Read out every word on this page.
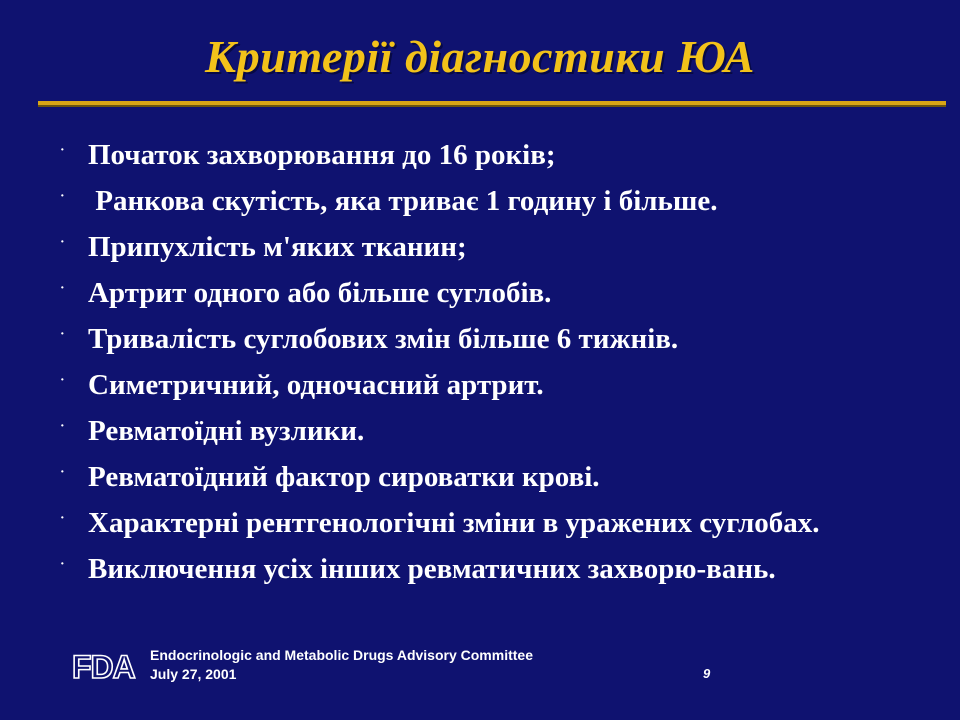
Критерії діагностики ЮА
· Початок захворювання до 16 років;
· Ранкова скутість, яка триває 1 годину і більше.
· Припухлість м'яких тканин;
· Артрит одного або більше суглобів.
· Тривалість суглобових змін більше 6 тижнів.
· Симетричний, одночасний артрит.
· Ревматоїдні вузлики.
· Ревматоїдний фактор сироватки крові.
· Характерні рентгенологічні зміни в уражених суглобах.
· Виключення усіх інших ревматичних захворю-вань.
FDA Endocrinologic and Metabolic Drugs Advisory Committee
July 27, 2001	9
